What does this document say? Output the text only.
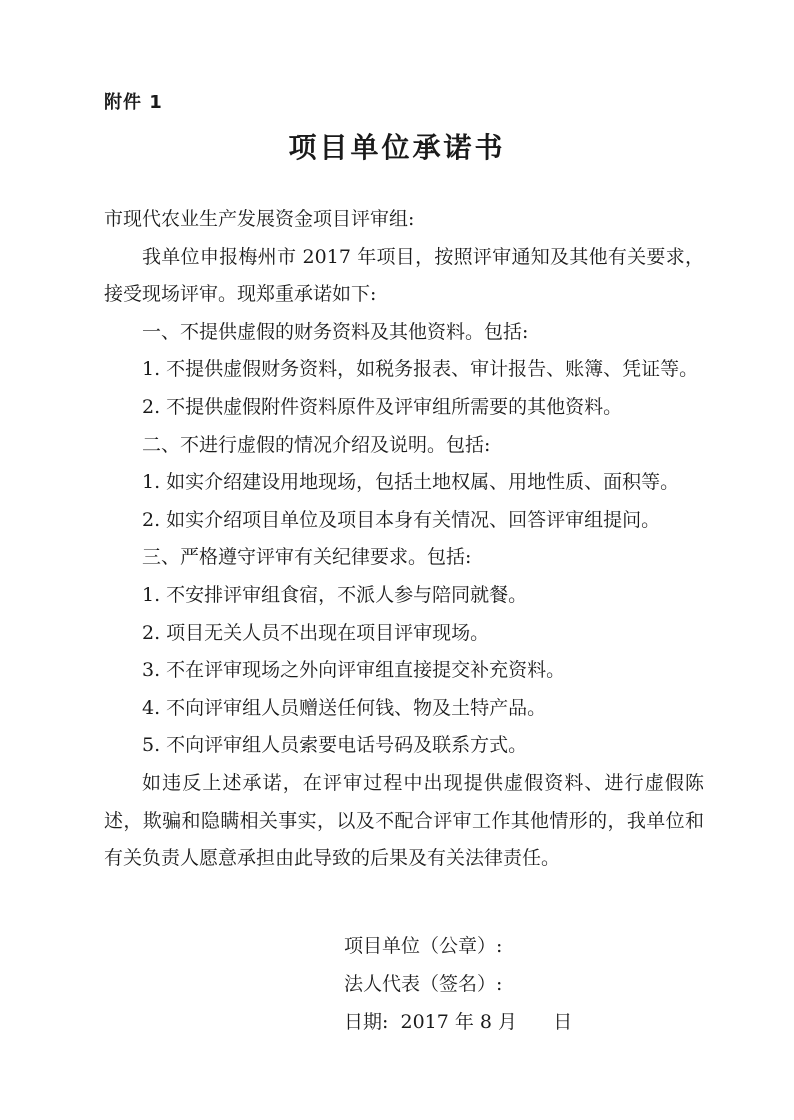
附件 1
项目单位承诺书

市现代农业生产发展资金项目评审组:

我单位申报梅州市 2017 年项目，按照评审通知及其他有关要求，接受现场评审。现郑重承诺如下:

一、不提供虚假的财务资料及其他资料。包括:

1. 不提供虚假财务资料，如税务报表、审计报告、账簿、凭证等。

2. 不提供虚假附件资料原件及评审组所需要的其他资料。

二、不进行虚假的情况介绍及说明。包括:

1. 如实介绍建设用地现场，包括土地权属、用地性质、面积等。

2. 如实介绍项目单位及项目本身有关情况、回答评审组提问。

三、严格遵守评审有关纪律要求。包括:

1. 不安排评审组食宿，不派人参与陪同就餐。

2. 项目无关人员不出现在项目评审现场。

3. 不在评审现场之外向评审组直接提交补充资料。

4. 不向评审组人员赠送任何钱、物及土特产品。

5. 不向评审组人员索要电话号码及联系方式。

如违反上述承诺，在评审过程中出现提供虚假资料、进行虚假陈述，欺骗和隐瞒相关事实，以及不配合评审工作其他情形的，我单位和有关负责人愿意承担由此导致的后果及有关法律责任。

项目单位（公章）:
法人代表（签名）:
日期:  2017 年 8 月      日
